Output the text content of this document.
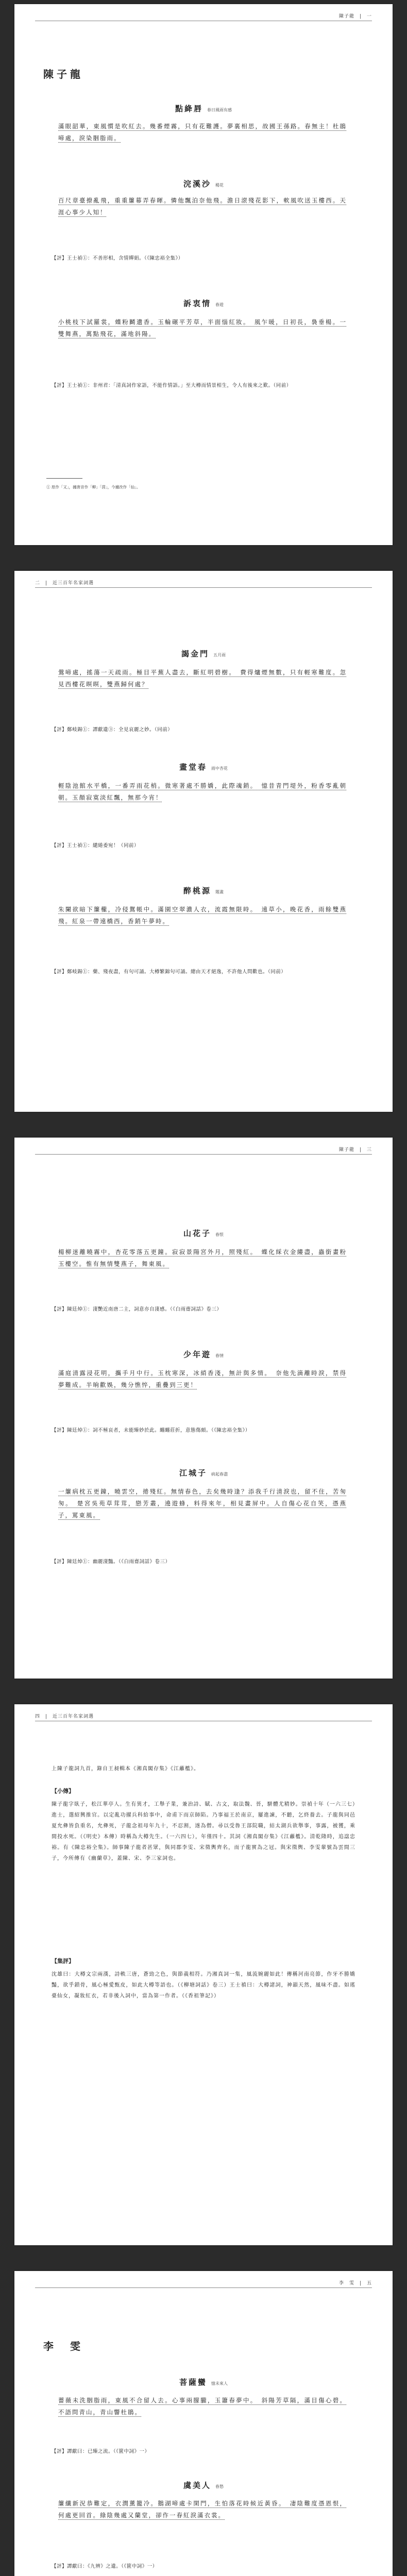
陳子龍　|　一
陳子龍
點絳唇 春日風雨有感
滿眼韶華，東風慣是吹紅去。幾番煙霧，只有花難護。夢裏相思，故國王孫路。春無主！杜鵑啼處，淚染胭脂雨。
浣溪沙 楊花
百尺章臺撩亂飛，重重簾幕弄春暉。憐他飄泊奈他飛。澹日滾殘花影下，軟風吹送玉樓西。天涯心事少人知！
【評】王士禎①：不善形相，含情嬋娟。（《陳忠裕全集》）
訴衷情 春遊
小桃枝下試羅裳，蝶粉鬭遺香。玉輪碾平芳草，半面惱紅妝。　風乍暖，日初長，裊垂楊。一雙舞燕，萬點飛花，滿地斜陽。
【評】王士禎①：非州君：「清真詞作家語，不能作情語。」至大樽而情景相生，令人有後來之歎。（同前）
① 原作「又」，據唐音作「柳」「茵」，今據改作「仙」。
二　|　近三百年名家詞選
謁金門 五月雨
鶯啼處，搖蕩一天疏雨。極目平蕪人盡去，斷紅明碧樹。　費得爐煙無數，只有輕寒難度。忽見西樓花暝暝，雙燕歸何處？
【評】鄭岐錫①：譚獻遺③：全見哀麗之妙。（同前）
畫堂春 雨中杏花
輕陰池館水平橋，一番弄雨花梢。微寒著處不勝嬌，此際魂銷。　憶昔青門堤外，粉香零亂朝朝。玉顏寂寞淡紅飄，無那今宵！
【評】王士禎①：繾綣委宛！（同前）
醉桃源 題畫
朱闌欲暗下簾櫳，冷侵鴛帳中。滿園空翠濃人衣，流霞無限時。　遠草小，晚花香，雨餘雙燕飛。紅泉一帶遠橋西，香銷午夢時。
【評】鄭岐錫①：藥、殘夜盡，有句可誦。大樽繁錦句可誦。總由天才絕逸，不許他人問歡也。（同前）
陳子龍　|　三
山花子 春恨
楊柳迷離曉霧中，杏花零落五更鐘。寂寂景陽宮外月，照殘紅。　蝶化綵衣金縷盡，蟲銜畫粉玉樓空。惟有無情雙燕子，舞東風。
【評】陳廷焯①：淒艷近南唐二主，詞意亦自淒感。（《白雨齋詞話》卷三）
少年遊 春情
滿庭清露浸花明，攜手月中行。玉枕寒深，冰綃香淺，無計與多情。　奈他先滴離時淚，禁得夢難成。半晌歡娛，幾分憔悴，重疊到三更！
【評】陳廷焯①：詞不極哀者，未能臻妙於此。纏纏莊折，意態傷頗。（《陳忠裕全集》）
江城子 病起春盡
一簾病枕五更鐘，曉雲空，捲殘紅。無情春色，去矣幾時逢？添我千行清淚也，留不住，苦匆匆。　楚宮吳苑草茸茸，戀芳叢，遶遊蜂，料得來年，相見畫屏中。人自傷心花自笑，憑燕子，罵東風。
【評】陳廷焯①：幽麗淒豔。（《白雨齋詞話》卷三）
四　|　近三百年名家詞選
上陳子龍詞九首，錄自王昶輯本《湘真閣存集》《江蘺檻》。
【小傳】
陳子龍字臥子，松江華亭人。生有異才，工舉子業，兼治詩、賦、古文，取法魏、晉，駢體尤精妙。崇禎十年（一六三七）進士，選紹興推官。以定亂功擢兵科給事中，命甫下而京師陷。乃事福王於南京，屢進諫，不聽，乞終養去。子龍與同邑夏允彝皆負重名，允彝死，子龍念祖母年九十，不忍割，遂為僧。尋以受魯王部院職，結太湖兵欲舉事，事露，被獲，乘間投水死。（《明史》本傳）時稱為大樽先生。（一六四七），年僅四十。其詞《湘真閣存集》《江蘺檻》。清乾隆時，追諡忠裕。有《陳忠裕全集》。師事陳子龍者甚眾，與同郡李雯、宋徵輿齊名，而子龍實為之冠。與宋徵輿、李雯輩號為雲間三子，今所傳有《幽蘭草》，蓋陳、宋、李三家詞也。
【集評】
沈雄曰：大樽文宗兩漢，詩軼三唐，蒼勁之色，與節義相符。乃湘真詞一集，風流婉麗如此！傳稱河南亮節，作牙不勝嬌豔，欲乎鎖骨，風心極愛甄皮，如此大樽等語也。（《柳塘詞話》卷三）王士禛曰：大樽諸詞，神韻天然，風味不盡。如瑤臺仙女，凝妝紅衣，若非後入詞中，當為第一作者。（《香祖筆記》）
李　雯　|　五
李　雯
菩薩蠻 憶未來人
薔薇未洗胭脂雨，東風不合留人去。心事兩朦朧，玉簫春夢中。　斜陽芳草隔，滿目傷心碧。不語問青山，青山響杜鵑。
【評】譚獻曰：已臻之流。（《篋中詞》一）
虞美人 春愁
簾纖新況恭難定，衣潤薰籠冷。鵝湖啼處卡閑門，生怕落花時候近黃昏。　凄陰難度憑恩恨，何處更回首。綠陰幾處又蘭堂，卻作一春紅淚滿衣裳。
【評】譚獻曰：《九辨》之遺。（《篋中詞》一）
